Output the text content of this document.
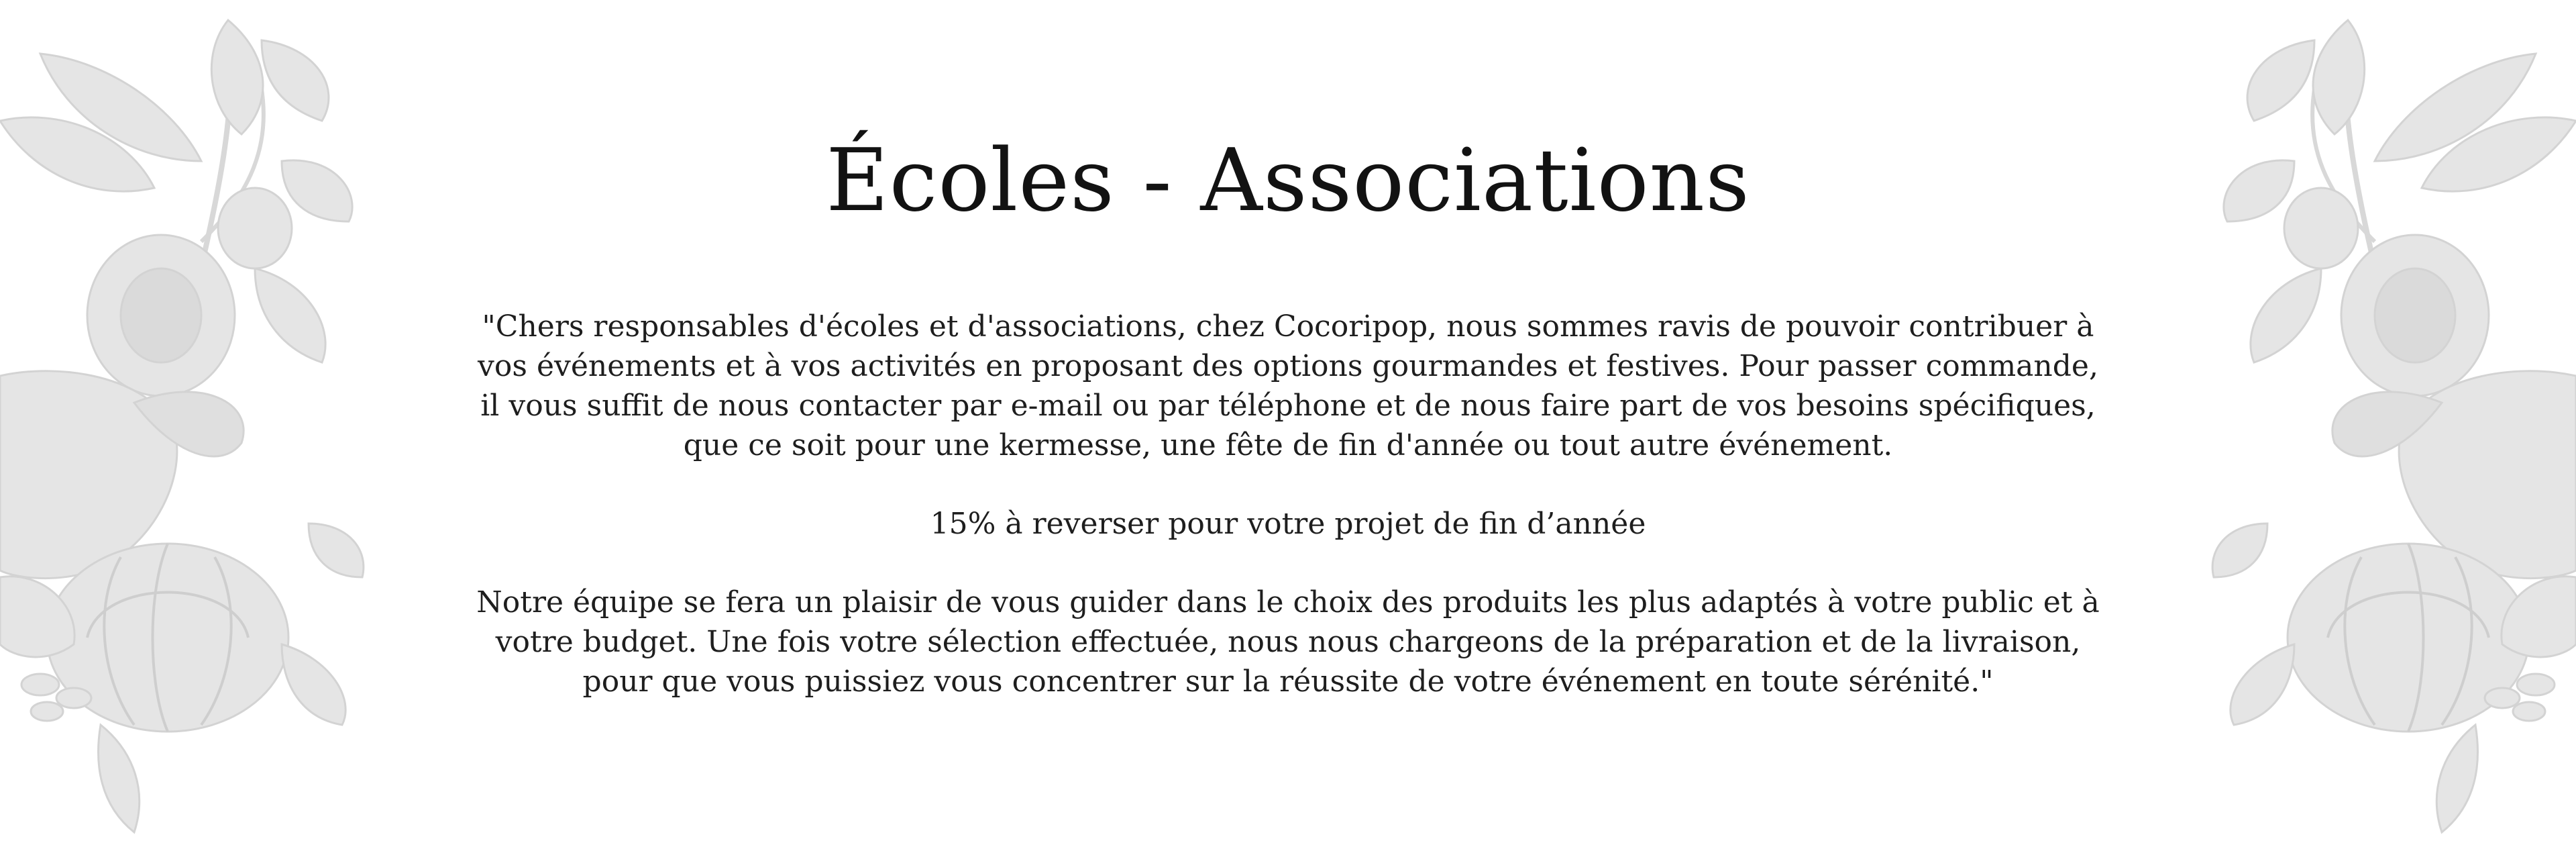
Écoles - Associations

"Chers responsables d'écoles et d'associations, chez Cocoripop, nous sommes ravis de pouvoir contribuer à vos événements et à vos activités en proposant des options gourmandes et festives. Pour passer commande, il vous suffit de nous contacter par e-mail ou par téléphone et de nous faire part de vos besoins spécifiques, que ce soit pour une kermesse, une fête de fin d'année ou tout autre événement.

15% à reverser pour votre projet de fin d’année

Notre équipe se fera un plaisir de vous guider dans le choix des produits les plus adaptés à votre public et à votre budget. Une fois votre sélection effectuée, nous nous chargeons de la préparation et de la livraison, pour que vous puissiez vous concentrer sur la réussite de votre événement en toute sérénité."
